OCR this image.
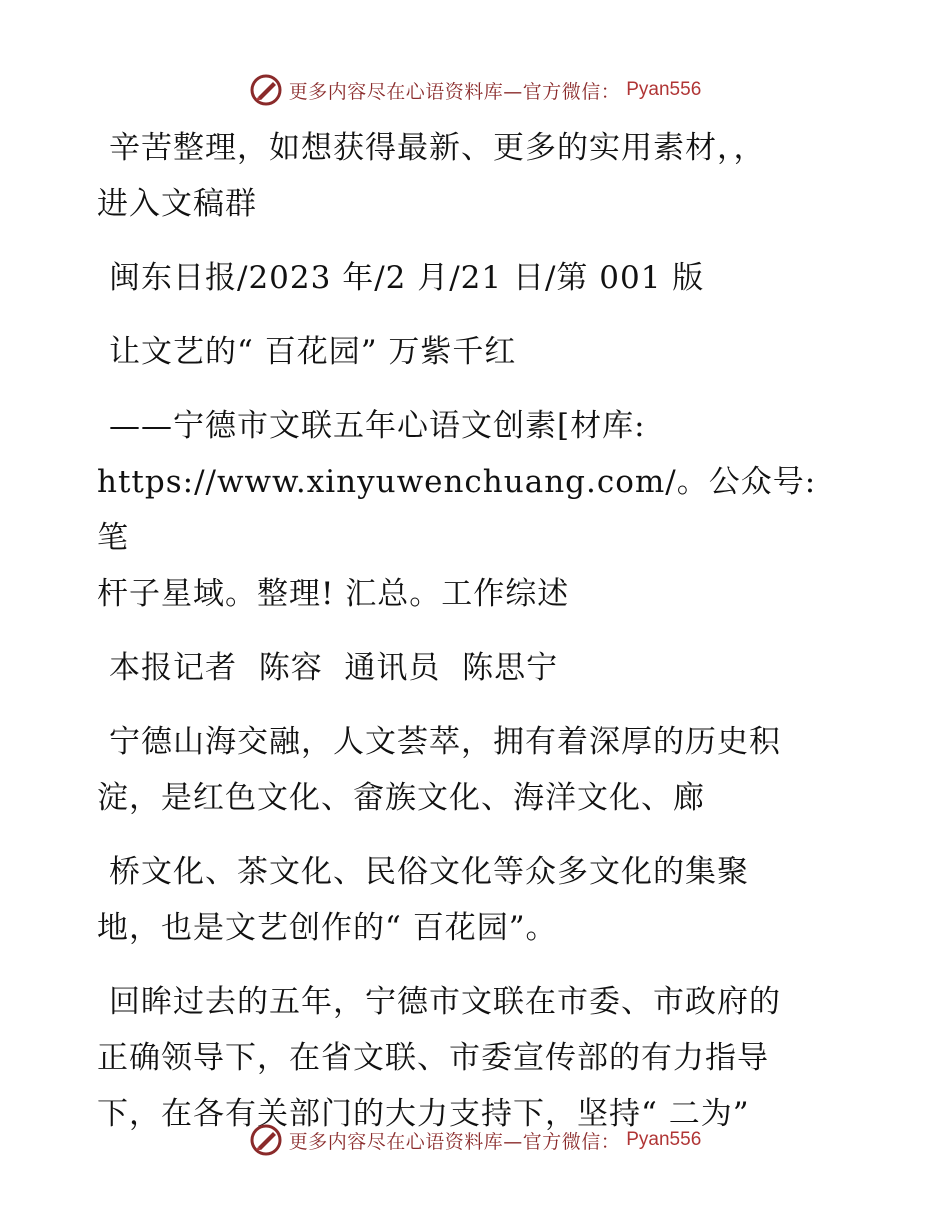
更多内容尽在心语资料库—官方微信： Pyan556

辛苦整理，如想获得最新、更多的实用素材，，
进入文稿群

闽东日报/2023 年/2 月/21 日/第 001 版

让文艺的“ 百花园” 万紫千红

——宁德市文联五年心语文创素[材库:
https://www.xinyuwenchuang.com/。公众号: 笔
杆子星域。整理! 汇总。工作综述

本报记者  陈容  通讯员  陈思宁

宁德山海交融，人文荟萃，拥有着深厚的历史积
淀，是红色文化、畲族文化、海洋文化、廊

桥文化、茶文化、民俗文化等众多文化的集聚
地，也是文艺创作的“ 百花园”。

回眸过去的五年，宁德市文联在市委、市政府的
正确领导下，在省文联、市委宣传部的有力指导
下，在各有关部门的大力支持下，坚持“ 二为”

更多内容尽在心语资料库—官方微信： Pyan556
